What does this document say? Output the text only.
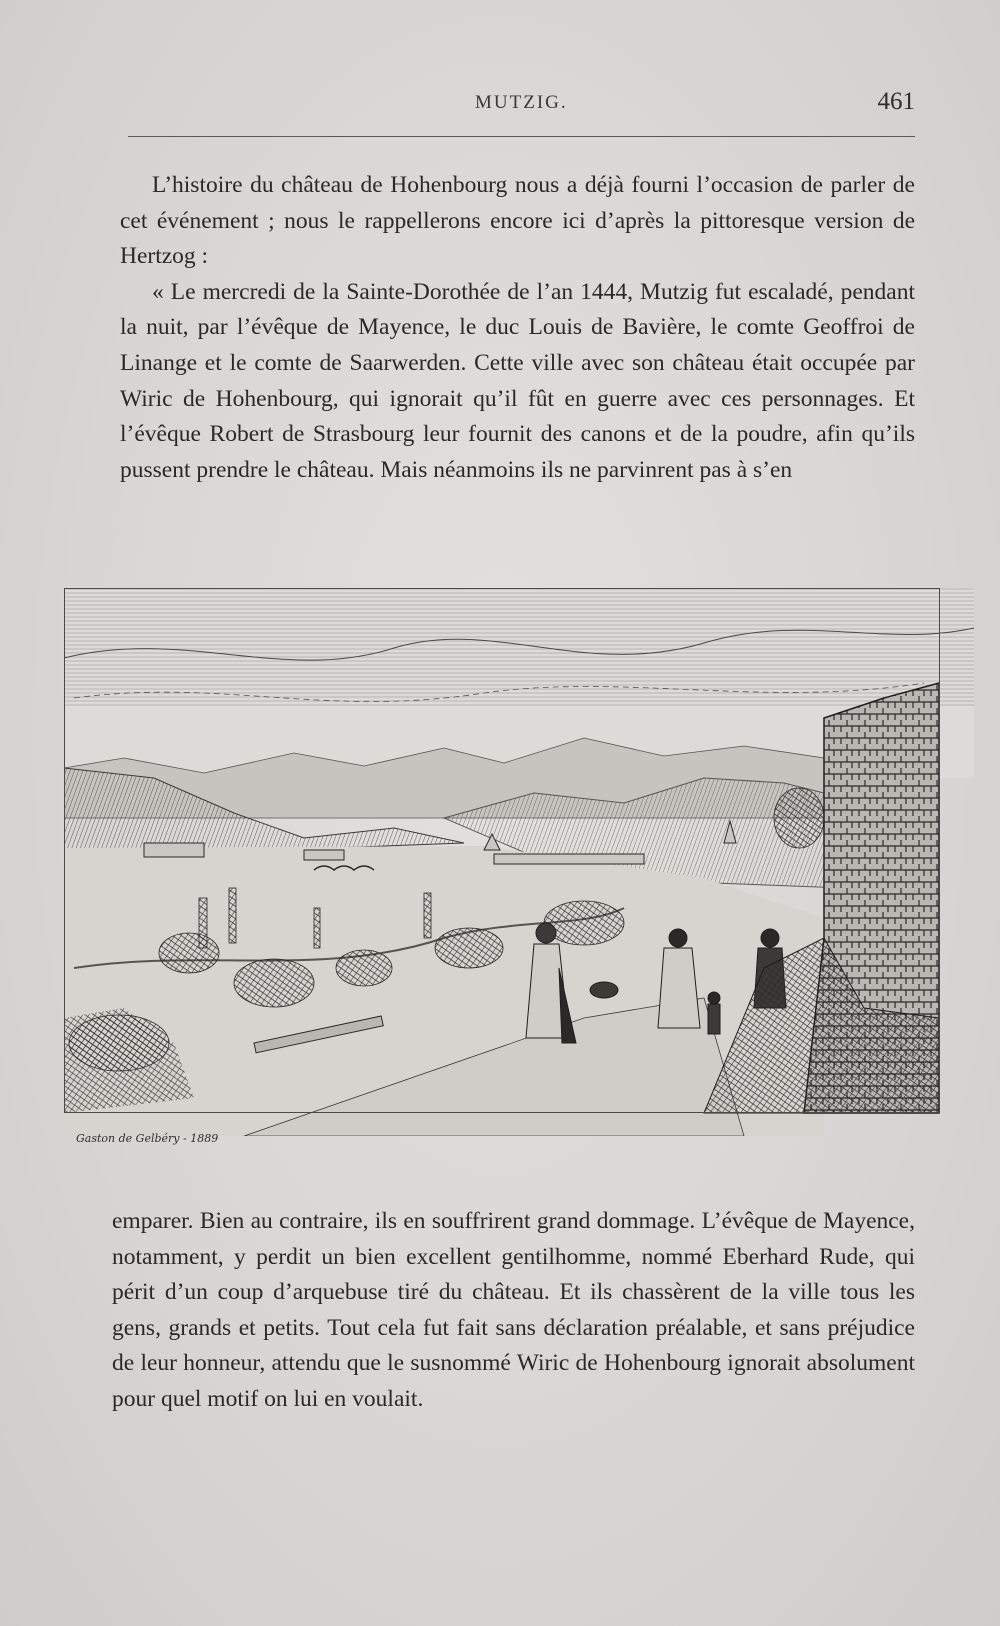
MUTZIG.	461

L’histoire du château de Hohenbourg nous a déjà fourni l’occasion de parler de cet événement ; nous le rappellerons encore ici d’après la pittoresque version de Hertzog :

« Le mercredi de la Sainte-Dorothée de l’an 1444, Mutzig fut escaladé, pendant la nuit, par l’évêque de Mayence, le duc Louis de Bavière, le comte Geoffroi de Linange et le comte de Saarwerden. Cette ville avec son château était occupée par Wiric de Hohenbourg, qui ignorait qu’il fût en guerre avec ces personnages. Et l’évêque Robert de Strasbourg leur fournit des canons et de la poudre, afin qu’ils pussent prendre le château. Mais néanmoins ils ne parvinrent pas à s’en

Gaston de Gelbéry - 1889

emparer. Bien au contraire, ils en souffrirent grand dommage. L’évêque de Mayence, notamment, y perdit un bien excellent gentilhomme, nommé Eberhard Rude, qui périt d’un coup d’arquebuse tiré du château. Et ils chassèrent de la ville tous les gens, grands et petits. Tout cela fut fait sans déclaration préalable, et sans préjudice de leur honneur, attendu que le susnommé Wiric de Hohenbourg ignorait absolument pour quel motif on lui en voulait.
